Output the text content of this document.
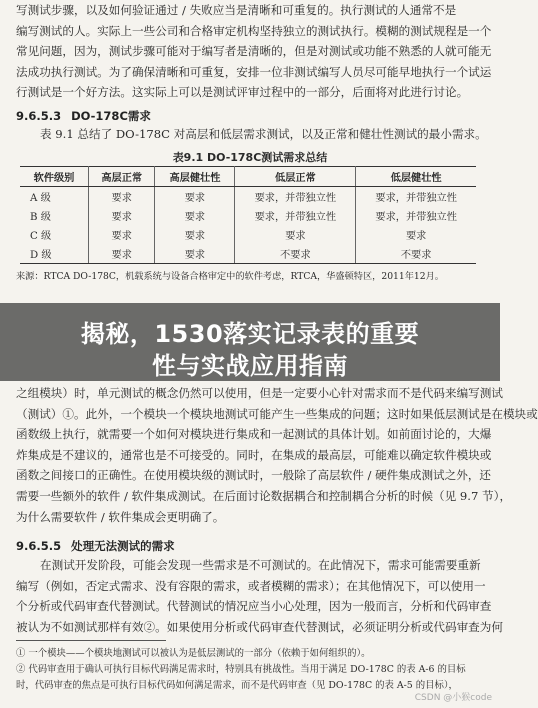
写测试步骤，以及如何验证通过 / 失败应当是清晰和可重复的。执行测试的人通常不是
编写测试的人。实际上一些公司和合格审定机构坚持独立的测试执行。模糊的测试规程是一个
常见问题，因为，测试步骤可能对于编写者是清晰的，但是对测试或功能不熟悉的人就可能无
法成功执行测试。为了确保清晰和可重复，安排一位非测试编写人员尽可能早地执行一个试运
行测试是一个好方法。这实际上可以是测试评审过程中的一部分，后面将对此进行讨论。
9.6.5.3 DO-178C需求
表 9.1 总结了 DO-178C 对高层和低层需求测试，以及正常和健壮性测试的最小需求。
表9.1 DO-178C测试需求总结
软件级别	高层正常	高层健壮性	低层正常	低层健壮性
A 级	要求	要求	要求，并带独立性	要求，并带独立性
B 级	要求	要求	要求，并带独立性	要求，并带独立性
C 级	要求	要求	要求	要求
D 级	要求	要求	不要求	不要求
来源：RTCA DO-178C，机载系统与设备合格审定中的软件考虑，RTCA，华盛顿特区，2011年12月。
揭秘，1530落实记录表的重要
性与实战应用指南
之组模块）时，单元测试的概念仍然可以使用，但是一定要小心针对需求而不是代码来编写测试
（测试）①。此外，一个模块一个模块地测试可能产生一些集成的问题；这时如果低层测试是在模块或
函数级上执行，就需要一个如何对模块进行集成和一起测试的具体计划。如前面讨论的，大爆
炸集成是不建议的，通常也是不可接受的。同时，在集成的最高层，可能难以确定软件模块或
函数之间接口的正确性。在使用模块级的测试时，一般除了高层软件 / 硬件集成测试之外，还
需要一些额外的软件 / 软件集成测试。在后面讨论数据耦合和控制耦合分析的时候（见 9.7 节），
为什么需要软件 / 软件集成会更明确了。
9.6.5.5 处理无法测试的需求
在测试开发阶段，可能会发现一些需求是不可测试的。在此情况下，需求可能需要重新
编写（例如，否定式需求、没有容限的需求，或者模糊的需求）；在其他情况下，可以使用一
个分析或代码审查代替测试。代替测试的情况应当小心处理，因为一般而言，分析和代码审查
被认为不如测试那样有效②。如果使用分析或代码审查代替测试，必须证明分析或代码审查为何
① 一个模块——个模块地测试可以被认为是低层测试的一部分（依赖于如何组织的）。
② 代码审查用于确认可执行目标代码满足需求时，特别具有挑战性。当用于满足 DO-178C 的表 A-6 的目标
时，代码审查的焦点是可执行目标代码如何满足需求，而不是代码审查（见 DO-178C 的表 A-5 的目标），
CSDN @小猴code
